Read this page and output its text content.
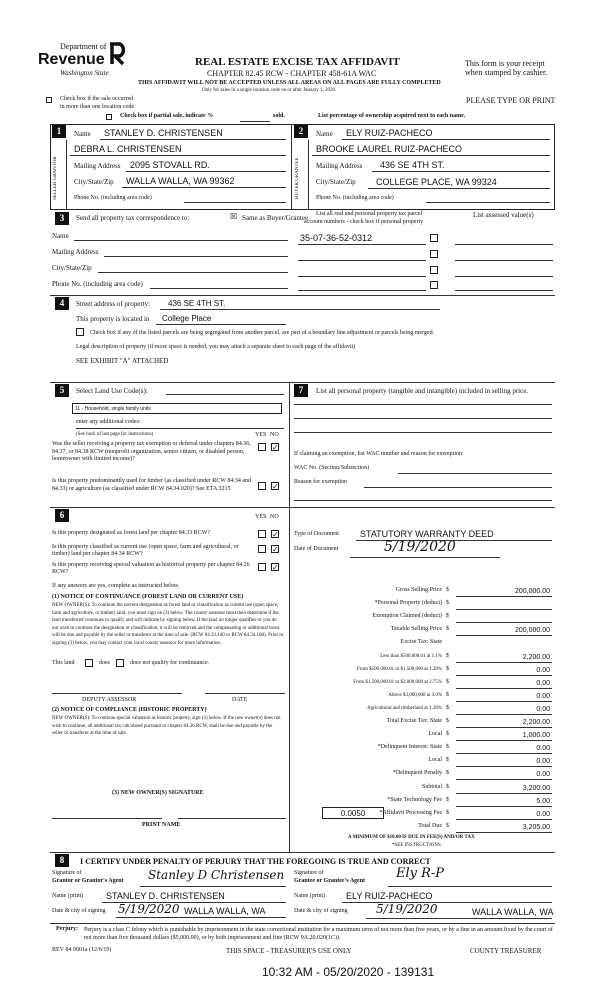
Department of
Revenue
Washington State
REAL ESTATE EXCISE TAX AFFIDAVIT
CHAPTER 82.45 RCW - CHAPTER 458-61A WAC
THIS AFFIDAVIT WILL NOT BE ACCEPTED UNLESS ALL AREAS ON ALL PAGES ARE FULLY COMPLETED
Only for sales in a single location code on or after January 1, 2020.
This form is your receipt
when stamped by cashier.
PLEASE TYPE OR PRINT
Check box if the sale occurred
in more than one location code.
Check box if partial sale, indicate %	sold.	List percentage of ownership acquired next to each name.
1
SELLER GRANTOR
Name STANLEY D. CHRISTENSEN
DEBRA L. CHRISTENSEN
Mailing Address 2095 STOVALL RD.
City/State/Zip WALLA WALLA, WA 99362
Phone No. (including area code)
2
BUYER GRANTEE
Name ELY RUIZ-PACHECO
BROOKE LAUREL RUIZ-PACHECO
Mailing Address 436 SE 4TH ST.
City/State/Zip COLLEGE PLACE, WA 99324
Phone No. (including area code)
3	Send all property tax correspondence to:	☒ Same as Buyer/Grantee List all real and personal property tax parcel
account numbers - check box if personal property
List assessed value(s)
Name
Mailing Address
City/State/Zip
Phone No. (including area code)
35-07-36-52-0312
4	Street address of property: 436 SE 4TH ST.
This property is located in College Place
Check box if any of the listed parcels are being segregated from another parcel, are part of a boundary line adjustment or parcels being merged.
Legal description of property (if more space is needed, you may attach a separate sheet to each page of the affidavit)
SEE EXHIBIT "A" ATTACHED
5	Select Land Use Code(s):
11 - Household, single family units
enter any additional codes:
(See back of last page for instructions)	YES NO
Was the seller receiving a property tax exemption or deferral under chapters 84.36, 84.37, or 84.38 RCW (nonprofit organization, senior citizen, or disabled person, homeowner with limited income)?
✓
Is this property predominantly used for timber (as classified under RCW 84.34 and 84.33) or agriculture (as classified under RCW 84.34.020)? See ETA 3215	✓
6	YES NO
Is this property designated as forest land per chapter 84.33 RCW?	✓
Is this property classified as current use (open space, farm and agricultural, or timber) land per chapter 84.34 RCW?	✓
Is this property receiving special valuation as historical property per chapter 84.26 RCW?	✓
If any answers are yes, complete as instructed below.
(1) NOTICE OF CONTINUANCE (FOREST LAND OR CURRENT USE)
NEW OWNER(S): To continue the current designation as forest land or classification as current use (open space, farm and agriculture, or timber) land, you must sign on (3) below. The county assessor must then determine if the land transferred continues to qualify and will indicate by signing below. If the land no longer qualifies or you do not wish to continue the designation or classification, it will be removed and the compensating or additional taxes will be due and payable by the seller or transferor at the time of sale. (RCW 84.33.140 or RCW 84.34.108). Prior to signing (3) below, you may contact your local county assessor for more information.
This land	does	does not qualify for continuance.
DEPUTY ASSESSOR	DATE
(2) NOTICE OF COMPLIANCE (HISTORIC PROPERTY)
NEW OWNER(S): To continue special valuation as historic property, sign (3) below. If the new owner(s) does not wish to continue, all additional tax calculated pursuant to chapter 84.26 RCW, shall be due and payable by the seller or transferor at the time of sale.
(3) NEW OWNER(S) SIGNATURE
PRINT NAME
7	List all personal property (tangible and intangible) included in selling price.
If claiming an exemption, list WAC number and reason for exemption:
WAC No. (Section/Subsection)
Reason for exemption
Type of Document STATUTORY WARRANTY DEED
Date of Document	5/19/2020
Gross Selling Price $	200,000.00
*Personal Property (deduct) $
Exemption Claimed (deduct) $
Taxable Selling Price $	200,000.00
Excise Tax: State
Less than $500,000.01 at 1.1% $	2,200.00
From $500,000.01 to $1,500,000 at 1.28% $	0.00
From $1,500,000.01 to $3,000,000 at 2.75% $	0.00
Above $3,000,000 at 3.0% $	0.00
Agricultural and timberland at 1.28% $	0.00
Total Excise Tax: State $	2,200.00
Local $	1,000.00
*Delinquent Interest: State $	0.00
Local $	0.00
*Delinquent Penalty $	0.00
Subtotal $	3,200.00
*State Technology Fee $	5.00
*Affidavit Processing Fee $	0.00
Total Due $	3,205.00
0.0050
A MINIMUM OF $10.00 IS DUE IN FEE(S) AND/OR TAX
*SEE INSTRUCTIONS
8	I CERTIFY UNDER PENALTY OF PERJURY THAT THE FOREGOING IS TRUE AND CORRECT
Signature of
Grantor or Grantor's Agent Stanley D Christensen Signature of
Grantee or Grantee's Agent Ely R-P
Name (print)	STANLEY D. CHRISTENSEN	Name (print) ELY RUIZ-PACHECO
Date & city of signing 5/19/2020 WALLA WALLA, WA	Date & city of signing 5/19/2020	WALLA WALLA, WA
Perjury: Perjury is a class C felony which is punishable by imprisonment in the state correctional institution for a maximum term of not more than five years, or by a fine in an amount fixed by the court of not more than five thousand dollars ($5,000.00), or by both imprisonment and fine (RCW 9A.20.020(1C)).
REV 84 0001a (12/6/19)	THIS SPACE - TREASURER'S USE ONLY	COUNTY TREASURER
10:32 AM - 05/20/2020 - 139131
